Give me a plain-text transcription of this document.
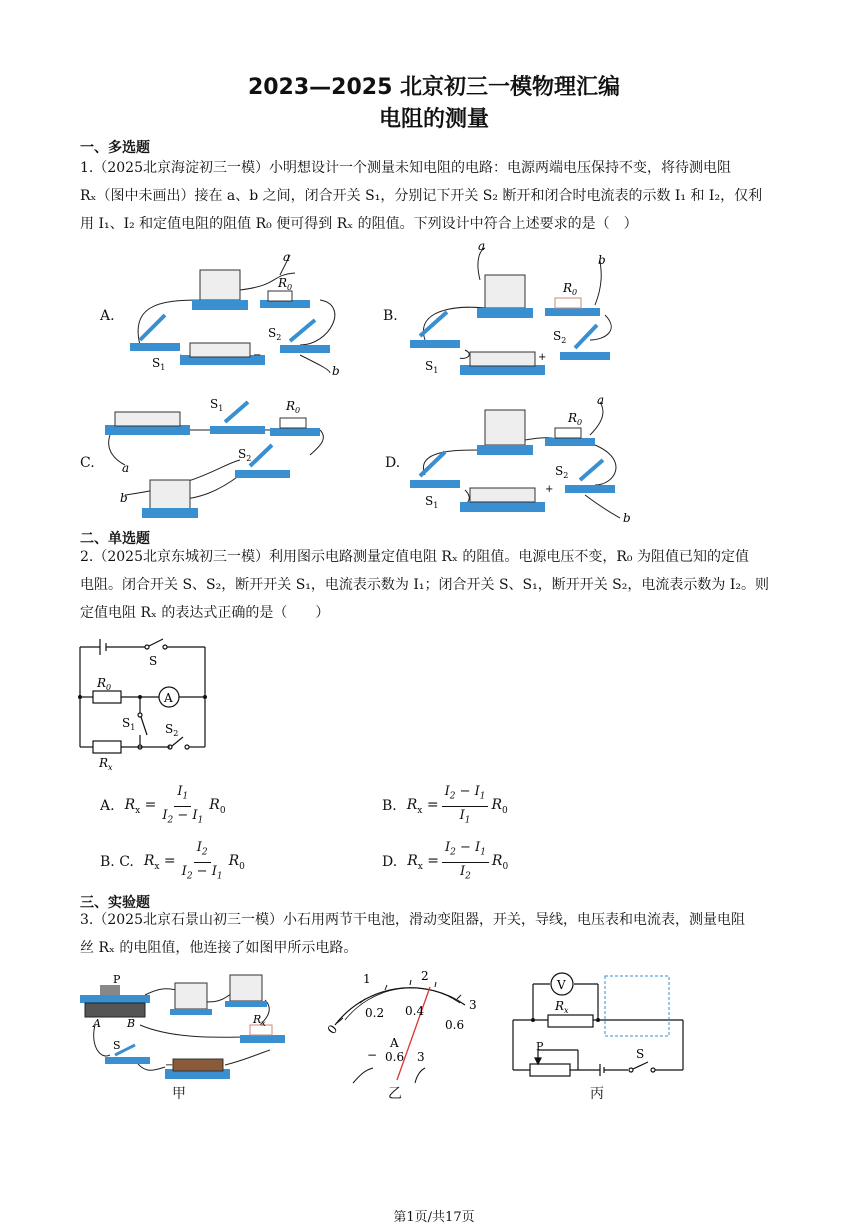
2023—2025 北京初三一模物理汇编
电阻的测量
一、多选题
1.（2025北京海淀初三一模）小明想设计一个测量未知电阻的电路：电源两端电压保持不变，将待测电阻
Rₓ（图中未画出）接在 a、b 之间，闭合开关 S₁，分别记下开关 S₂ 断开和闭合时电流表的示数 I₁ 和 I₂，仅利
用 I₁、I₂ 和定值电阻的阻值 R₀ 便可得到 Rₓ 的阻值。下列设计中符合上述要求的是（　）
A.	B.
C.	D.
$S_1$
$S_2$
$R_0$
a
b
−
$S_1$
$S_2$
$R_0$
a
b
+
$S_1$
$S_2$
$R_0$
a
b	$S_1$
$S_2$
$R_0$
a
b
+
二、单选题
2.（2025北京东城初三一模）利用图示电路测量定值电阻 Rₓ 的阻值。电源电压不变，R₀ 为阻值已知的定值
电阻。闭合开关 S、S₂，断开开关 S₁，电流表示数为 I₁；闭合开关 S、S₁，断开开关 S₂，电流表示数为 I₂。则
定值电阻 Rₓ 的表达式正确的是（　　）
A
S
$R_0$
$S_1$ $S_2$
$R_x$
A. $R_x = \frac{I_1}{I_2 - I_1} R_0$	B. $R_x = \frac{I_2 - I_1}{I_1} R_0$
B. C. $R_x = \frac{I_2}{I_2 - I_1} R_0$	D. $R_x = \frac{I_2 - I_1}{I_2} R_0$
三、实验题
3.（2025北京石景山初三一模）小石用两节干电池，滑动变阻器，开关，导线，电压表和电流表，测量电阻
丝 Rₓ 的电阻值，他连接了如图甲所示电路。
P
A B
S
$R_x$
−
甲
0
1	2
3
0.2 0.4
0.6
A
− 0.6 3
乙
V
$R_x$
P
S
丙
第1页/共17页
